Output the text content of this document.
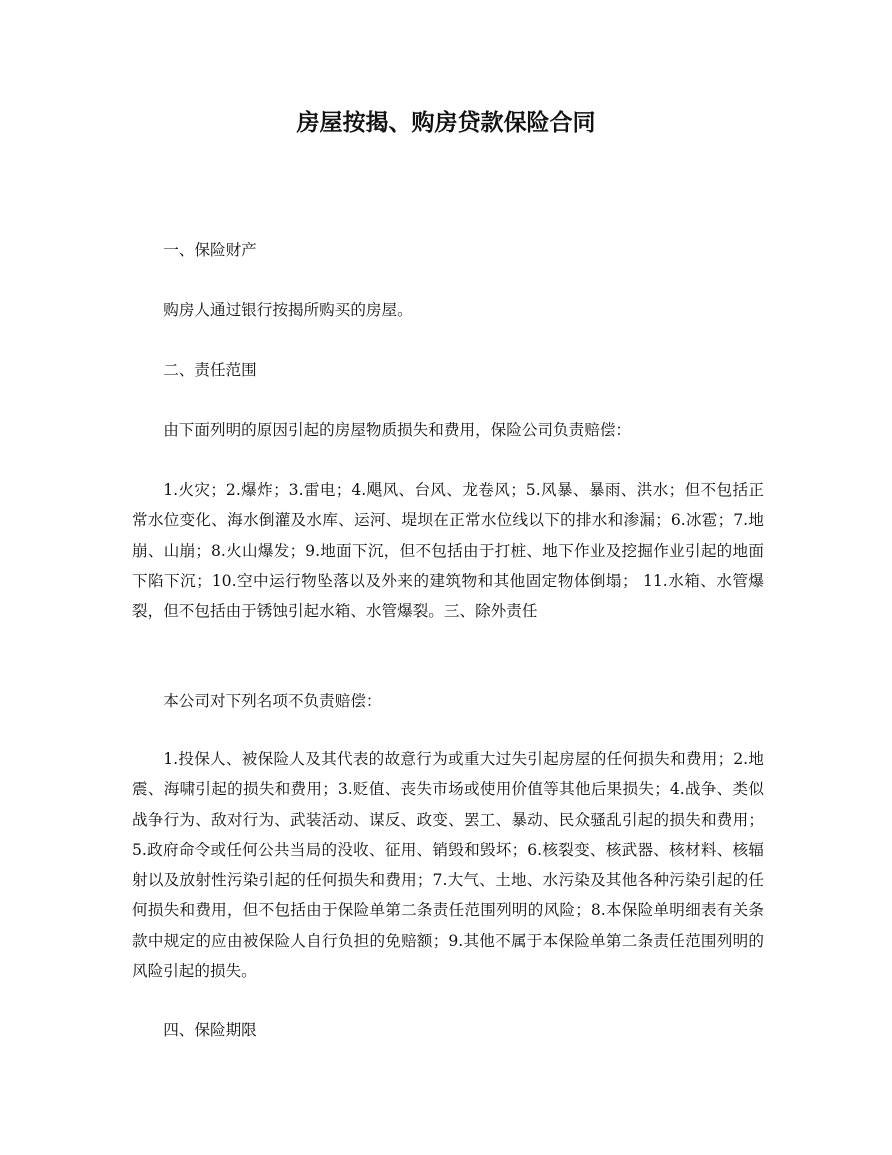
房屋按揭、购房贷款保险合同

一、保险财产

购房人通过银行按揭所购买的房屋。

二、责任范围

由下面列明的原因引起的房屋物质损失和费用，保险公司负责赔偿：

1.火灾；2.爆炸；3.雷电；4.飓风、台风、龙卷风；5.风暴、暴雨、洪水；但不包括正常水位变化、海水倒灌及水库、运河、堤坝在正常水位线以下的排水和渗漏；6.冰雹；7.地崩、山崩；8.火山爆发；9.地面下沉，但不包括由于打桩、地下作业及挖掘作业引起的地面下陷下沉；10.空中运行物坠落以及外来的建筑物和其他固定物体倒塌； 11.水箱、水管爆裂，但不包括由于锈蚀引起水箱、水管爆裂。三、除外责任

本公司对下列名项不负责赔偿：

1.投保人、被保险人及其代表的故意行为或重大过失引起房屋的任何损失和费用；2.地震、海啸引起的损失和费用；3.贬值、丧失市场或使用价值等其他后果损失；4.战争、类似战争行为、敌对行为、武装活动、谋反、政变、罢工、暴动、民众骚乱引起的损失和费用；5.政府命令或任何公共当局的没收、征用、销毁和毁坏；6.核裂变、核武器、核材料、核辐射以及放射性污染引起的任何损失和费用；7.大气、土地、水污染及其他各种污染引起的任何损失和费用，但不包括由于保险单第二条责任范围列明的风险；8.本保险单明细表有关条款中规定的应由被保险人自行负担的免赔额；9.其他不属于本保险单第二条责任范围列明的风险引起的损失。

四、保险期限
